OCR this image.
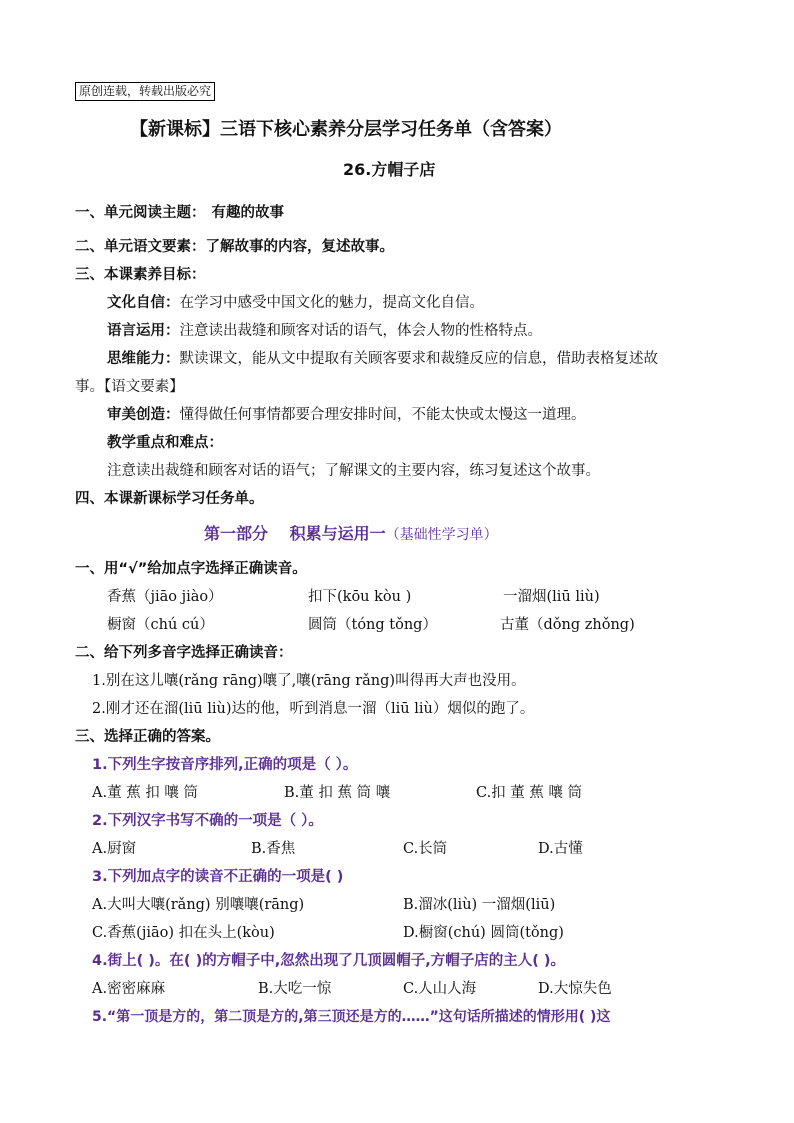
原创连载，转载出版必究
【新课标】三语下核心素养分层学习任务单（含答案）
26.方帽子店
一、单元阅读主题： 有趣的故事
二、单元语文要素：了解故事的内容，复述故事。
三、本课素养目标：
文化自信：在学习中感受中国文化的魅力，提高文化自信。
语言运用：注意读出裁缝和顾客对话的语气，体会人物的性格特点。
思维能力：默读课文，能从文中提取有关顾客要求和裁缝反应的信息，借助表格复述故
事。【语文要素】
审美创造：懂得做任何事情都要合理安排时间，不能太快或太慢这一道理。
教学重点和难点：
注意读出裁缝和顾客对话的语气；了解课文的主要内容，练习复述这个故事。
四、本课新课标学习任务单。
第一部分　 积累与运用一（基础性学习单）
一、用“√”给加点字选择正确读音。
香蕉（jiāo jiào）	扣下(kōu kòu )	一溜烟(liū liù)
橱窗（chú cú）	圆筒（tóng tǒng）	古董（dǒng zhǒng)
二、给下列多音字选择正确读音：
1.别在这儿嚷(rǎng rāng)嚷了,嚷(rāng rǎng)叫得再大声也没用。
2.刚才还在溜(liū liù)达的他，听到消息一溜（liū liù）烟似的跑了。
三、选择正确的答案。
1.下列生字按音序排列,正确的项是（ ）。
A.董 蕉 扣 嚷 筒	B.董 扣 蕉 筒 嚷	C.扣 董 蕉 嚷 筒
2.下列汉字书写不确的一项是（ ）。
A.厨窗	B.香焦	C.长筒	D.古懂
3.下列加点字的读音不正确的一项是( )
A.大叫大嚷(rǎng) 别嚷嚷(rāng)	B.溜冰(liù) 一溜烟(liū)
C.香蕉(jiāo) 扣在头上(kòu)	D.橱窗(chú) 圆筒(tǒng)
4.街上( )。在( )的方帽子中,忽然出现了几顶圆帽子,方帽子店的主人( )。
A.密密麻麻	B.大吃一惊	C.人山人海	D.大惊失色
5.“第一顶是方的，第二顶是方的,第三顶还是方的……”这句话所描述的情形用( )这
